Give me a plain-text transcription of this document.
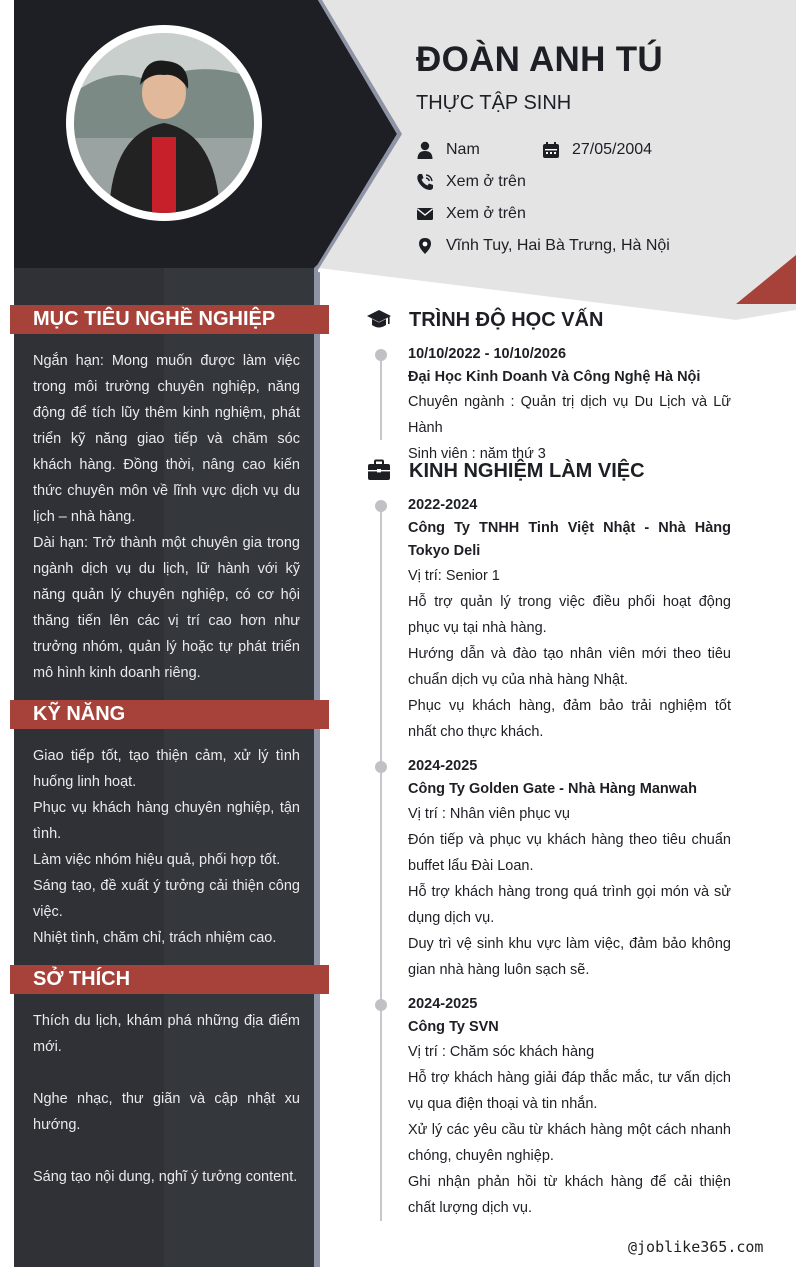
ĐOÀN ANH TÚ
THỰC TẬP SINH
Nam	27/05/2004
Xem ở trên
Xem ở trên
Vĩnh Tuy, Hai Bà Trưng, Hà Nội
MỤC TIÊU NGHỀ NGHIỆP

Ngắn hạn: Mong muốn được làm việc trong môi trường chuyên nghiệp, năng động để tích lũy thêm kinh nghiệm, phát triển kỹ năng giao tiếp và chăm sóc khách hàng. Đồng thời, nâng cao kiến thức chuyên môn về lĩnh vực dịch vụ du lịch – nhà hàng.

Dài hạn: Trở thành một chuyên gia trong ngành dịch vụ du lịch, lữ hành với kỹ năng quản lý chuyên nghiệp, có cơ hội thăng tiến lên các vị trí cao hơn như trưởng nhóm, quản lý hoặc tự phát triển mô hình kinh doanh riêng.

KỸ NĂNG

Giao tiếp tốt, tạo thiện cảm, xử lý tình huống linh hoạt.

Phục vụ khách hàng chuyên nghiệp, tận tình.

Làm việc nhóm hiệu quả, phối hợp tốt.

Sáng tạo, đề xuất ý tưởng cải thiện công việc.

Nhiệt tình, chăm chỉ, trách nhiệm cao.

SỞ THÍCH

Thích du lịch, khám phá những địa điểm mới.

Nghe nhạc, thư giãn và cập nhật xu hướng.

Sáng tạo nội dung, nghĩ ý tưởng content.

TRÌNH ĐỘ HỌC VẤN
10/10/2022 - 10/10/2026
Đại Học Kinh Doanh Và Công Nghệ Hà Nội
Chuyên ngành : Quản trị dịch vụ Du Lịch và Lữ Hành
Sinh viên : năm thứ 3
KINH NGHIỆM LÀM VIỆC
2022-2024
Công Ty TNHH Tinh Việt Nhật - Nhà Hàng Tokyo Deli
Vị trí: Senior 1
Hỗ trợ quản lý trong việc điều phối hoạt động phục vụ tại nhà hàng.
Hướng dẫn và đào tạo nhân viên mới theo tiêu chuẩn dịch vụ của nhà hàng Nhật.
Phục vụ khách hàng, đảm bảo trải nghiệm tốt nhất cho thực khách.
2024-2025
Công Ty Golden Gate - Nhà Hàng Manwah
Vị trí : Nhân viên phục vụ
Đón tiếp và phục vụ khách hàng theo tiêu chuẩn buffet lẩu Đài Loan.
Hỗ trợ khách hàng trong quá trình gọi món và sử dụng dịch vụ.
Duy trì vệ sinh khu vực làm việc, đảm bảo không gian nhà hàng luôn sạch sẽ.
2024-2025
Công Ty SVN
Vị trí : Chăm sóc khách hàng
Hỗ trợ khách hàng giải đáp thắc mắc, tư vấn dịch vụ qua điện thoại và tin nhắn.
Xử lý các yêu cầu từ khách hàng một cách nhanh chóng, chuyên nghiệp.
Ghi nhận phản hồi từ khách hàng để cải thiện chất lượng dịch vụ.
@joblike365.com
